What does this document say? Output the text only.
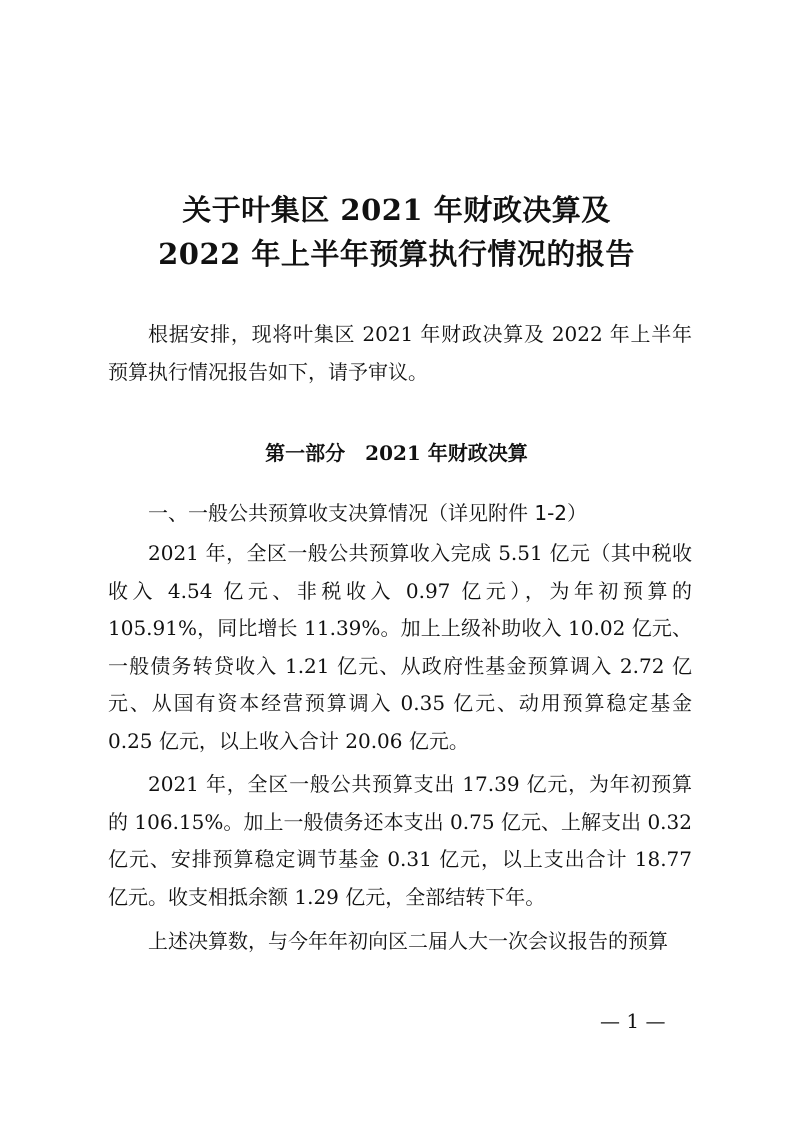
关于叶集区 2021 年财政决算及
2022 年上半年预算执行情况的报告

根据安排，现将叶集区 2021 年财政决算及 2022 年上半年预算执行情况报告如下，请予审议。

第一部分　2021 年财政决算
一、一般公共预算收支决算情况（详见附件 1-2）

2021 年，全区一般公共预算收入完成 5.51 亿元（其中税收收入 4.54 亿元、非税收入 0.97 亿元），为年初预算的 105.91%，同比增长 11.39%。加上上级补助收入 10.02 亿元、一般债务转贷收入 1.21 亿元、从政府性基金预算调入 2.72 亿元、从国有资本经营预算调入 0.35 亿元、动用预算稳定基金 0.25 亿元，以上收入合计 20.06 亿元。

2021 年，全区一般公共预算支出 17.39 亿元，为年初预算的 106.15%。加上一般债务还本支出 0.75 亿元、上解支出 0.32 亿元、安排预算稳定调节基金 0.31 亿元，以上支出合计 18.77 亿元。收支相抵余额 1.29 亿元，全部结转下年。

上述决算数，与今年年初向区二届人大一次会议报告的预算

— 1 —
